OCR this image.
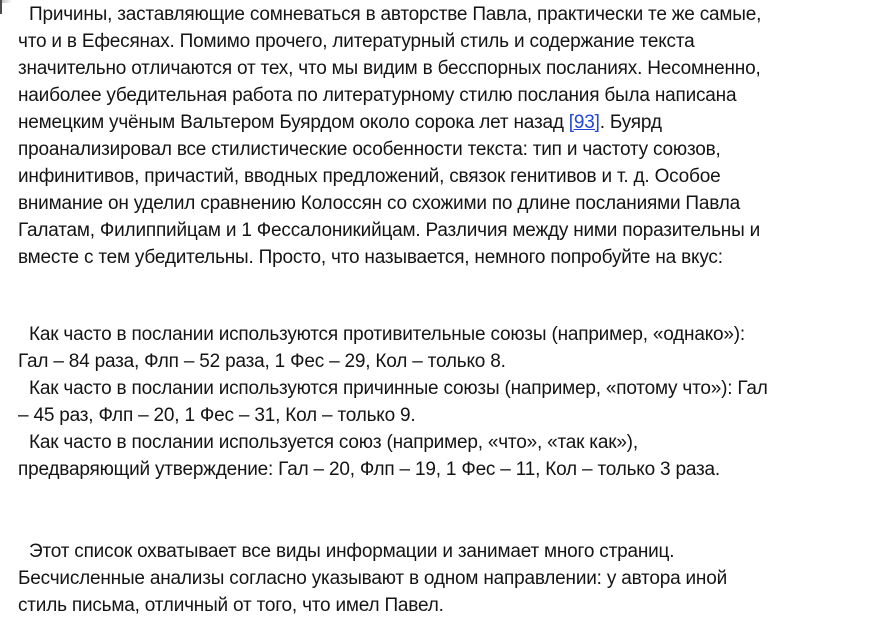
Причины, заставляющие сомневаться в авторстве Павла, практически те же самые,
что и в Ефесянах. Помимо прочего, литературный стиль и содержание текста
значительно отличаются от тех, что мы видим в бесспорных посланиях. Несомненно,
наиболее убедительная работа по литературному стилю послания была написана
немецким учёным Вальтером Буярдом около сорока лет назад [93]. Буярд
проанализировал все стилистические особенности текста: тип и частоту союзов,
инфинитивов, причастий, вводных предложений, связок генитивов и т. д. Особое
внимание он уделил сравнению Колоссян со схожими по длине посланиями Павла
Галатам, Филиппийцам и 1 Фессалоникийцам. Различия между ними поразительны и
вместе с тем убедительны. Просто, что называется, немного попробуйте на вкус:
Как часто в послании используются противительные союзы (например, «однако»):
Гал – 84 раза, Флп – 52 раза, 1 Фес – 29, Кол – только 8.
Как часто в послании используются причинные союзы (например, «потому что»): Гал
– 45 раз, Флп – 20, 1 Фес – 31, Кол – только 9.
Как часто в послании используется союз (например, «что», «так как»),
предваряющий утверждение: Гал – 20, Флп – 19, 1 Фес – 11, Кол – только 3 раза.
Этот список охватывает все виды информации и занимает много страниц.
Бесчисленные анализы согласно указывают в одном направлении: у автора иной
стиль письма, отличный от того, что имел Павел.
